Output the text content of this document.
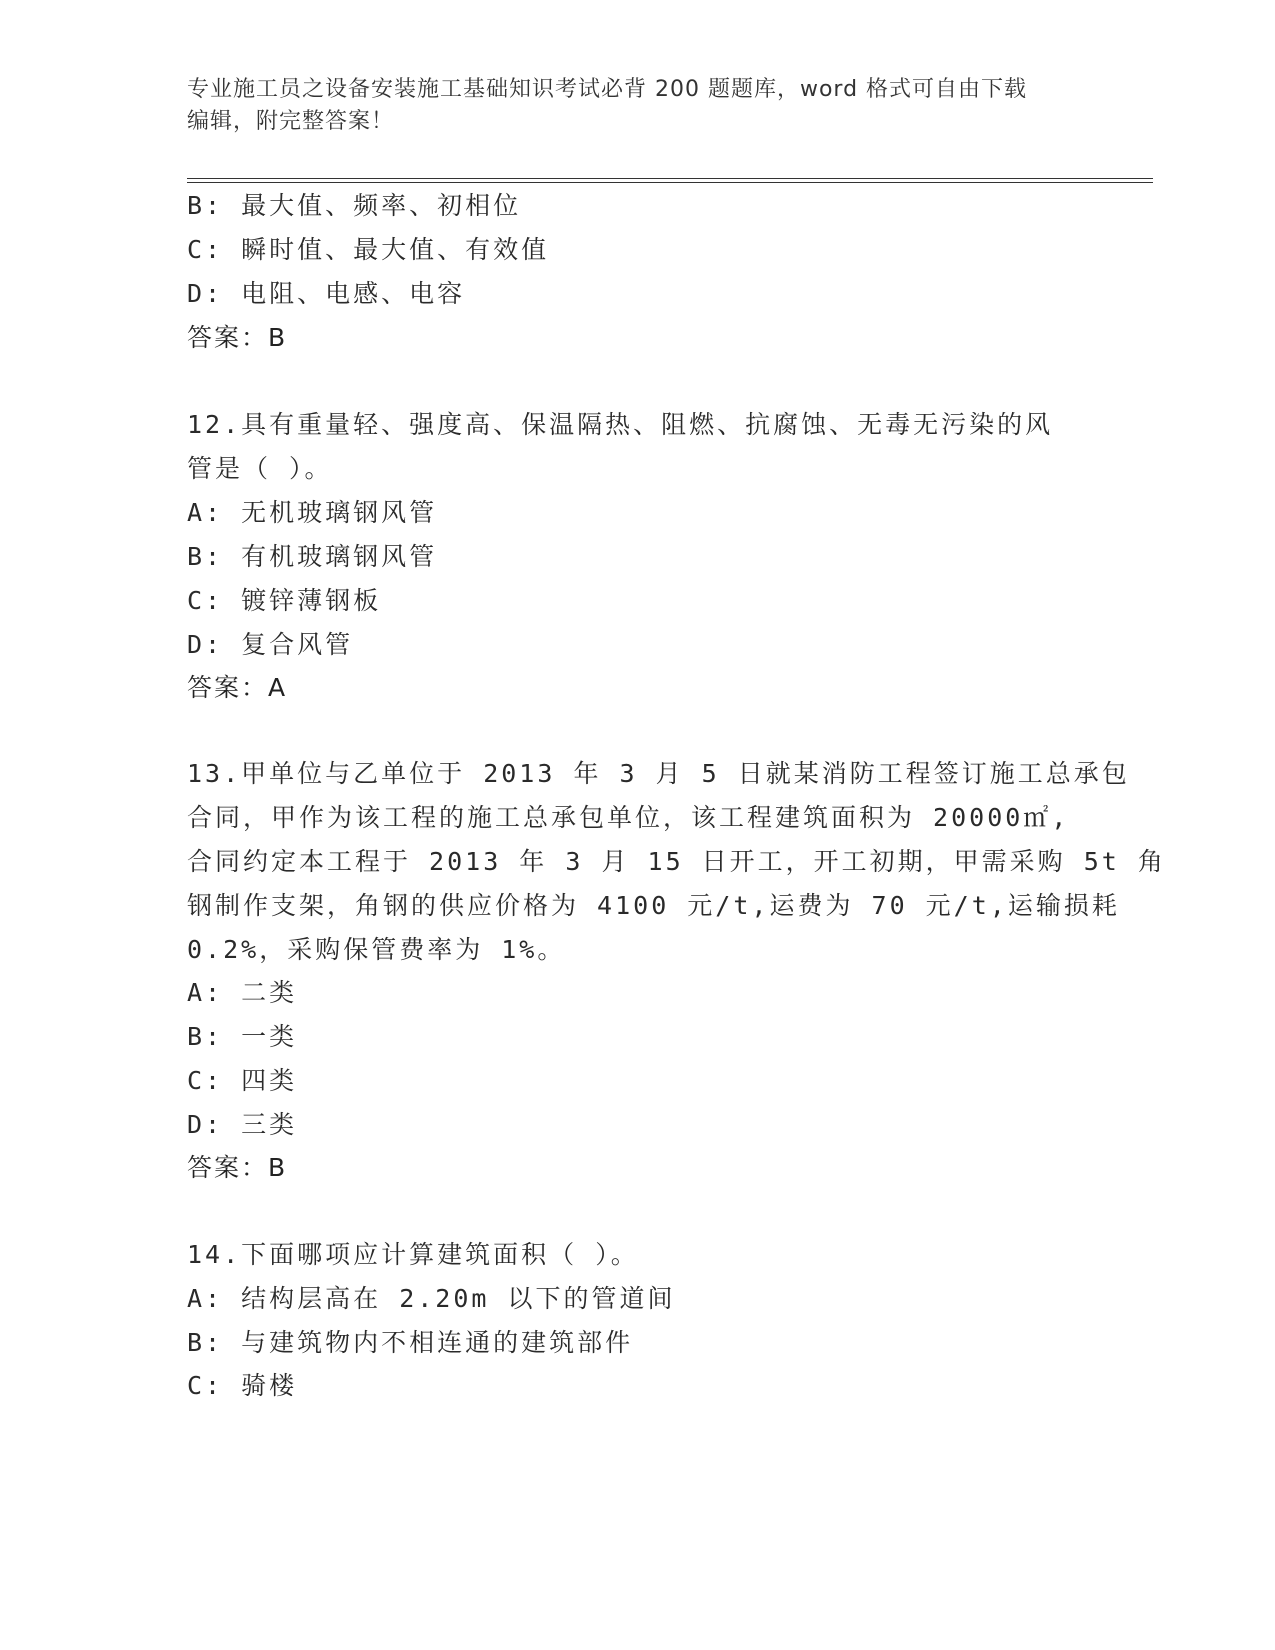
专业施工员之设备安装施工基础知识考试必背 200 题题库，word 格式可自由下载
编辑，附完整答案！
B: 最大值、频率、初相位
C: 瞬时值、最大值、有效值
D: 电阻、电感、电容
答案：B
12.具有重量轻、强度高、保温隔热、阻燃、抗腐蚀、无毒无污染的风
管是（ ）。
A: 无机玻璃钢风管
B: 有机玻璃钢风管
C: 镀锌薄钢板
D: 复合风管
答案：A
13.甲单位与乙单位于 2013 年 3 月 5 日就某消防工程签订施工总承包
合同，甲作为该工程的施工总承包单位，该工程建筑面积为 20000㎡,
合同约定本工程于 2013 年 3 月 15 日开工，开工初期，甲需采购 5t 角
钢制作支架，角钢的供应价格为 4100 元/t,运费为 70 元/t,运输损耗
0.2%，采购保管费率为 1%。
A: 二类
B: 一类
C: 四类
D: 三类
答案：B
14.下面哪项应计算建筑面积（ ）。
A: 结构层高在 2.20m 以下的管道间
B: 与建筑物内不相连通的建筑部件
C: 骑楼
